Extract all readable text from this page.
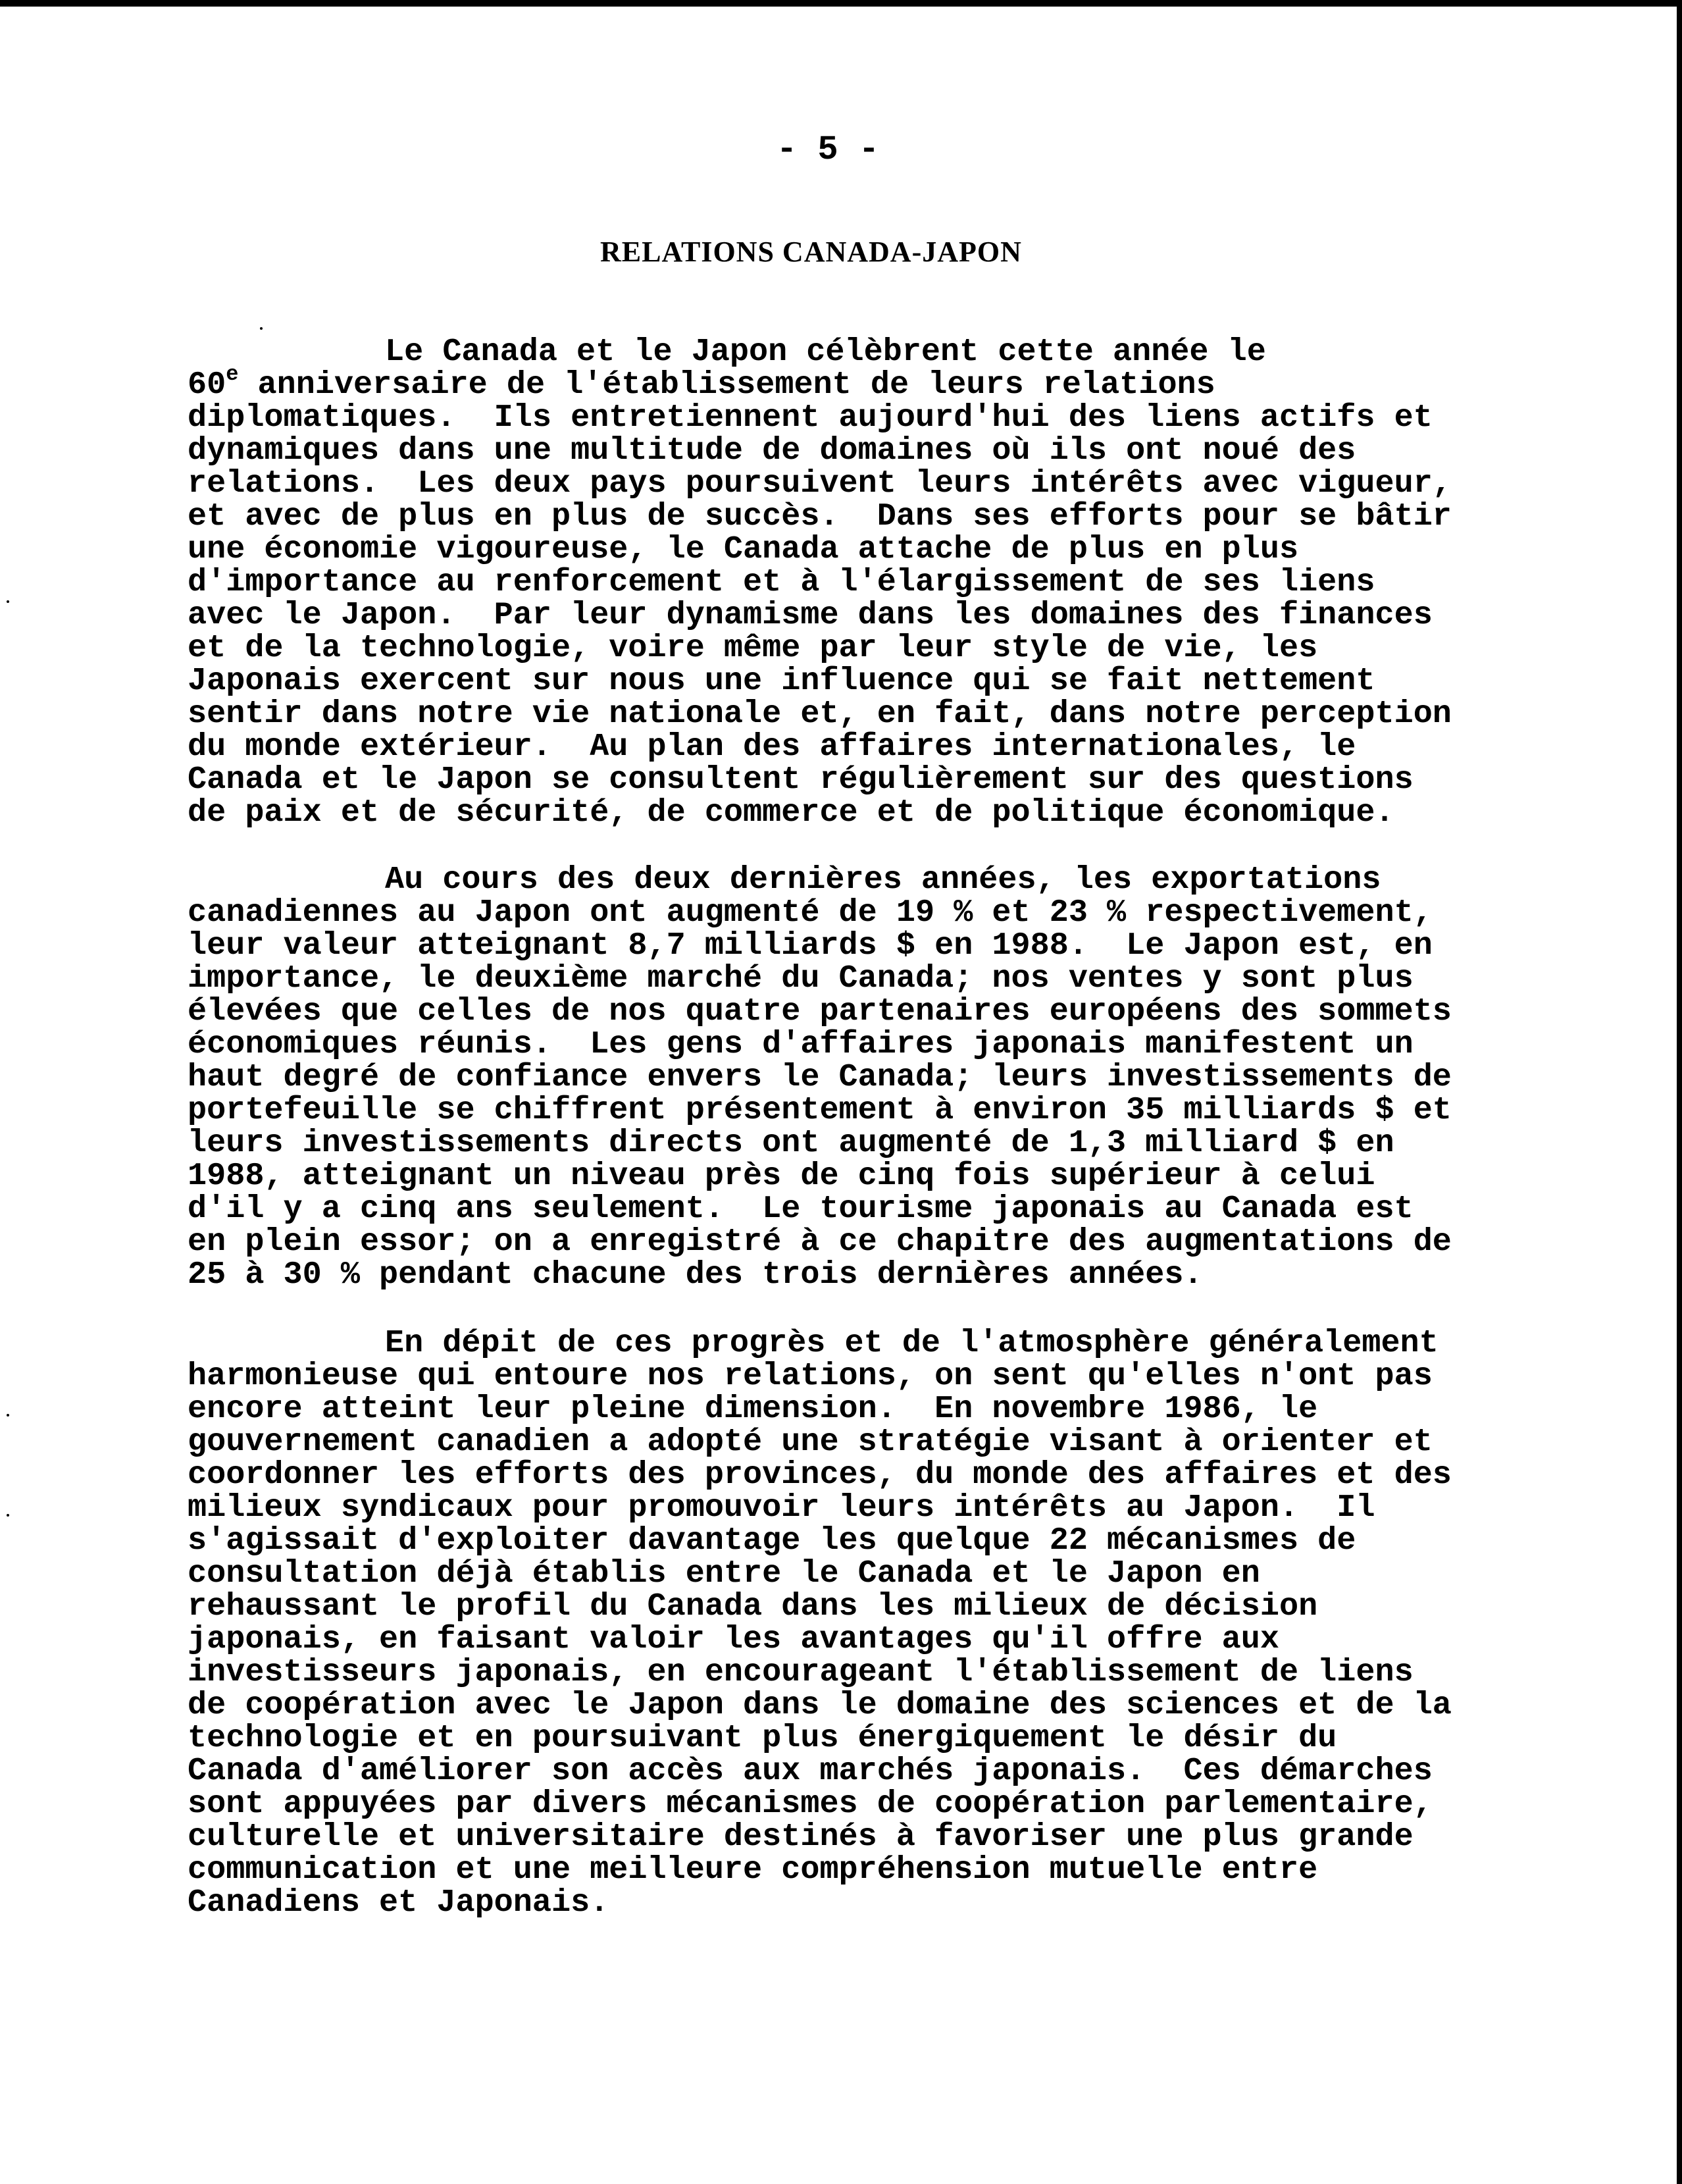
- 5 -
RELATIONS CANADA-JAPON
Le Canada et le Japon célèbrent cette année le
60e anniversaire de l'établissement de leurs relations
diplomatiques.  Ils entretiennent aujourd'hui des liens actifs et
dynamiques dans une multitude de domaines où ils ont noué des
relations.  Les deux pays poursuivent leurs intérêts avec vigueur,
et avec de plus en plus de succès.  Dans ses efforts pour se bâtir
une économie vigoureuse, le Canada attache de plus en plus
d'importance au renforcement et à l'élargissement de ses liens
avec le Japon.  Par leur dynamisme dans les domaines des finances
et de la technologie, voire même par leur style de vie, les
Japonais exercent sur nous une influence qui se fait nettement
sentir dans notre vie nationale et, en fait, dans notre perception
du monde extérieur.  Au plan des affaires internationales, le
Canada et le Japon se consultent régulièrement sur des questions
de paix et de sécurité, de commerce et de politique économique.
Au cours des deux dernières années, les exportations
canadiennes au Japon ont augmenté de 19 % et 23 % respectivement,
leur valeur atteignant 8,7 milliards $ en 1988.  Le Japon est, en
importance, le deuxième marché du Canada; nos ventes y sont plus
élevées que celles de nos quatre partenaires européens des sommets
économiques réunis.  Les gens d'affaires japonais manifestent un
haut degré de confiance envers le Canada; leurs investissements de
portefeuille se chiffrent présentement à environ 35 milliards $ et
leurs investissements directs ont augmenté de 1,3 milliard $ en
1988, atteignant un niveau près de cinq fois supérieur à celui
d'il y a cinq ans seulement.  Le tourisme japonais au Canada est
en plein essor; on a enregistré à ce chapitre des augmentations de
25 à 30 % pendant chacune des trois dernières années.
En dépit de ces progrès et de l'atmosphère généralement
harmonieuse qui entoure nos relations, on sent qu'elles n'ont pas
encore atteint leur pleine dimension.  En novembre 1986, le
gouvernement canadien a adopté une stratégie visant à orienter et
coordonner les efforts des provinces, du monde des affaires et des
milieux syndicaux pour promouvoir leurs intérêts au Japon.  Il
s'agissait d'exploiter davantage les quelque 22 mécanismes de
consultation déjà établis entre le Canada et le Japon en
rehaussant le profil du Canada dans les milieux de décision
japonais, en faisant valoir les avantages qu'il offre aux
investisseurs japonais, en encourageant l'établissement de liens
de coopération avec le Japon dans le domaine des sciences et de la
technologie et en poursuivant plus énergiquement le désir du
Canada d'améliorer son accès aux marchés japonais.  Ces démarches
sont appuyées par divers mécanismes de coopération parlementaire,
culturelle et universitaire destinés à favoriser une plus grande
communication et une meilleure compréhension mutuelle entre
Canadiens et Japonais.
